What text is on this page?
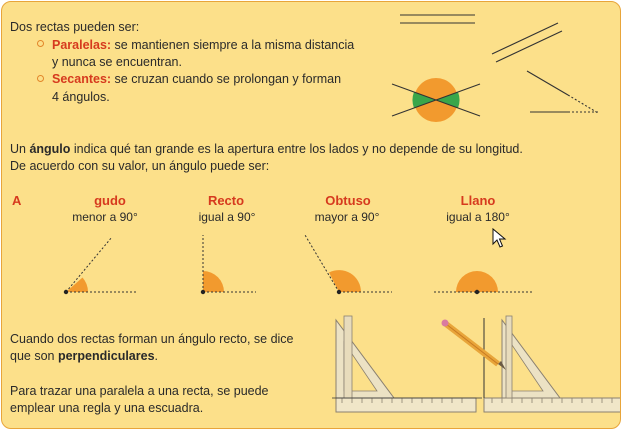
Dos rectas pueden ser:
Paralelas: se mantienen siempre a la misma distancia
y nunca se encuentran.
Secantes: se cruzan cuando se prolongan y forman
4 ángulos.
Un ángulo indica qué tan grande es la apertura entre los lados y no depende de su longitud.
De acuerdo con su valor, un ángulo puede ser:
A	gudo
menor a 90°
Recto
igual a 90°
Obtuso
mayor a 90°
Llano
igual a 180°
Cuando dos rectas forman un ángulo recto, se dice
que son perpendiculares.
Para trazar una paralela a una recta, se puede
emplear una regla y una escuadra.
